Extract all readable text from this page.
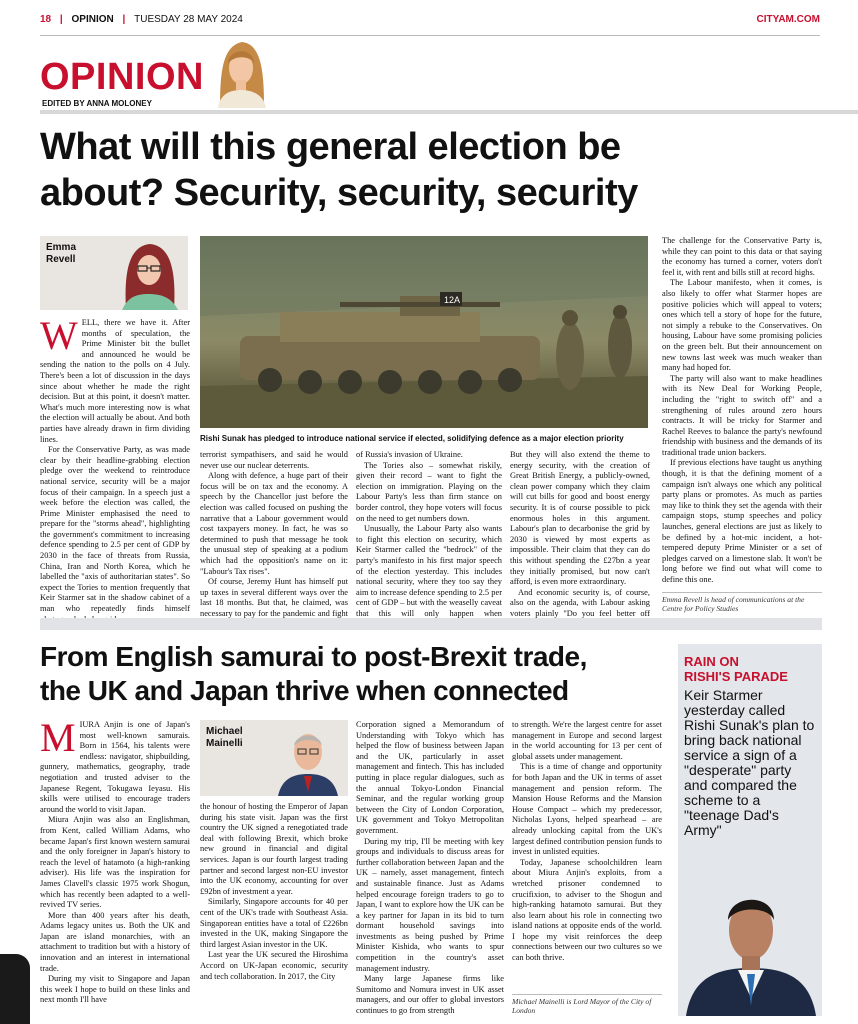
18 | OPINION | TUESDAY 28 MAY 2024	CITYAM.COM
OPINION
EDITED BY ANNA MOLONEY
What will this general election be
about? Security, security, security
Emma
Revell
12A
Rishi Sunak has pledged to introduce national service if elected, solidifying defence as a major election priority

WELL, there we have it. After months of speculation, the Prime Minister bit the bullet and announced he would be sending the nation to the polls on 4 July. There's been a lot of discussion in the days since about whether he made the right decision. But at this point, it doesn't matter. What's much more interesting now is what the election will actually be about. And both parties have already drawn in firm dividing lines.

For the Conservative Party, as was made clear by their headline-grabbing election pledge over the weekend to reintroduce national service, security will be a major focus of their campaign. In a speech just a week before the election was called, the Prime Minister emphasised the need to prepare for the "storms ahead", highlighting the government's commitment to increasing defence spending to 2.5 per cent of GDP by 2030 in the face of threats from Russia, China, Iran and North Korea, which he labelled the "axis of authoritarian states". So expect the Tories to mention frequently that Keir Starmer sat in the shadow cabinet of a man who repeatedly finds himself

terrorist sympathisers, and said he would never use our nuclear deterrents.

Along with defence, a huge part of their focus will be on tax and the economy. A speech by the Chancellor just before the election was called focused on pushing the narrative that a Labour government would cost taxpayers money. In fact, he was so determined to push that message he took the unusual step of speaking at a podium which had the opposition's name on it: "Labour's Tax rises".

Of course, Jeremy Hunt has himself put up taxes in several different ways over the last 18 months. But that, he claimed, was necessary to pay for the pandemic and fight

of Russia's invasion of Ukraine.

The Tories also – somewhat riskily, given their record – want to fight the election on immigration. Playing on the Labour Party's less than firm stance on border control, they hope voters will focus on the need to get numbers down.

Unusually, the Labour Party also wants to fight this election on security, which Keir Starmer called the "bedrock" of the party's manifesto in his first major speech of the election yesterday. This includes national security, where they too say they aim to increase defence spending to 2.5 per cent of GDP – but with the weaselly caveat that this will only happen when

But they will also extend the theme to energy security, with the creation of Great British Energy, a publicly-owned, clean power company which they claim will cut bills for good and boost energy security. It is of course possible to pick enormous holes in this argument. Labour's plan to decarbonise the grid by 2030 is viewed by most experts as impossible. Their claim that they can do this without spending the £27bn a year they initially promised, but now can't afford, is even more extraordinary.

And economic security is, of course, also on the agenda, with Labour asking voters plainly "Do you feel better off

The challenge for the Conservative Party is, while they can point to this data or that saying the economy has turned a corner, voters don't feel it, with rent and bills still at record highs.

The Labour manifesto, when it comes, is also likely to offer what Starmer hopes are positive policies which will appeal to voters; ones which tell a story of hope for the future, not simply a rebuke to the Conservatives. On housing, Labour have some promising policies on the green belt. But their announcement on new towns last week was much weaker than many had hoped for.

The party will also want to make headlines with its New Deal for Working People, including the "right to switch off" and a strengthening of rules around zero hours contracts. It will be tricky for Starmer and Rachel Reeves to balance the party's newfound friendship with business and the demands of its traditional trade union backers.

If previous elections have taught us anything though, it is that the defining moment of a campaign isn't always one which any political party plans or promotes. As much as parties may like to think they set the agenda with their campaign stops, stump speeches and policy launches, general elections are just as likely to be defined by a hot-mic incident, a hot-tempered deputy Prime Minister or a set of pledges carved on a limestone slab. It won't be long before we find out what will come to define this one.

Emma Revell is head of communications at the Centre for Policy Studies
From English samurai to post-Brexit trade,
the UK and Japan thrive when connected
Michael
Mainelli

MIURA Anjin is one of Japan's most well-known samurais. Born in 1564, his talents were endless: navigator, shipbuilding, gunnery, mathematics, geography, trade negotiation and trusted adviser to the Japanese Regent, Tokugawa Ieyasu. His skills were utilised to encourage traders around the world to visit Japan.

Miura Anjin was also an Englishman, from Kent, called William Adams, who became Japan's first known western samurai and the only foreigner in Japan's history to reach the level of hatamoto (a high-ranking adviser). His life was the inspiration for James Clavell's classic 1975 work Shogun, which has recently been adapted to a well-revived TV series.

More than 400 years after his death, Adams legacy unites us. Both the UK and Japan are island monarchies, with an attachment to tradition but with a history of innovation and an interest in international trade.

During my visit to Singapore and Japan this week I hope to build on these links and next month I'll have

the honour of hosting the Emperor of Japan during his state visit. Japan was the first country the UK signed a renegotiated trade deal with following Brexit, which broke new ground in financial and digital services. Japan is our fourth largest trading partner and second largest non-EU investor into the UK economy, accounting for over £92bn of investment a year.

Similarly, Singapore accounts for 40 per cent of the UK's trade with Southeast Asia. Singaporean entities have a total of £226bn invested in the UK, making Singapore the third largest Asian investor in the UK.

Last year the UK secured the Hiroshima Accord on UK-Japan economic, security and tech collaboration. In 2017, the City

Corporation signed a Memorandum of Understanding with Tokyo which has helped the flow of business between Japan and the UK, particularly in asset management and fintech. This has included putting in place regular dialogues, such as the annual Tokyo-London Financial Seminar, and the regular working group between the City of London Corporation, UK government and Tokyo Metropolitan government.

During my trip, I'll be meeting with key groups and individuals to discuss areas for further collaboration between Japan and the UK – namely, asset management, fintech and sustainable finance. Just as Adams helped encourage foreign traders to go to Japan, I want to explore how the UK can be a key partner for Japan in its bid to turn dormant household savings into investments as being pushed by Prime Minister Kishida, who wants to spur competition in the country's asset management industry.

Many large Japanese firms like Sumitomo and Nomura invest in UK asset managers, and our offer to global investors continues to go from strength

to strength. We're the largest centre for asset management in Europe and second largest in the world accounting for 13 per cent of global assets under management.

This is a time of change and opportunity for both Japan and the UK in terms of asset management and pension reform. The Mansion House Reforms and the Mansion House Compact – which my predecessor, Nicholas Lyons, helped spearhead – are already unlocking capital from the UK's largest defined contribution pension funds to invest in unlisted equities.

Today, Japanese schoolchildren learn about Miura Anjin's exploits, from a wretched prisoner condemned to crucifixion, to adviser to the Shogun and high-ranking hatamoto samurai. But they also learn about his role in connecting two island nations at opposite ends of the world. I hope my visit reinforces the deep connections between our two cultures so we can both thrive.

Michael Mainelli is Lord Mayor of the City of London
RAIN ON
RISHI'S PARADE
Keir Starmer yesterday called Rishi Sunak's plan to bring back national service a sign of a "desperate" party and compared the scheme to a "teenage Dad's Army"
